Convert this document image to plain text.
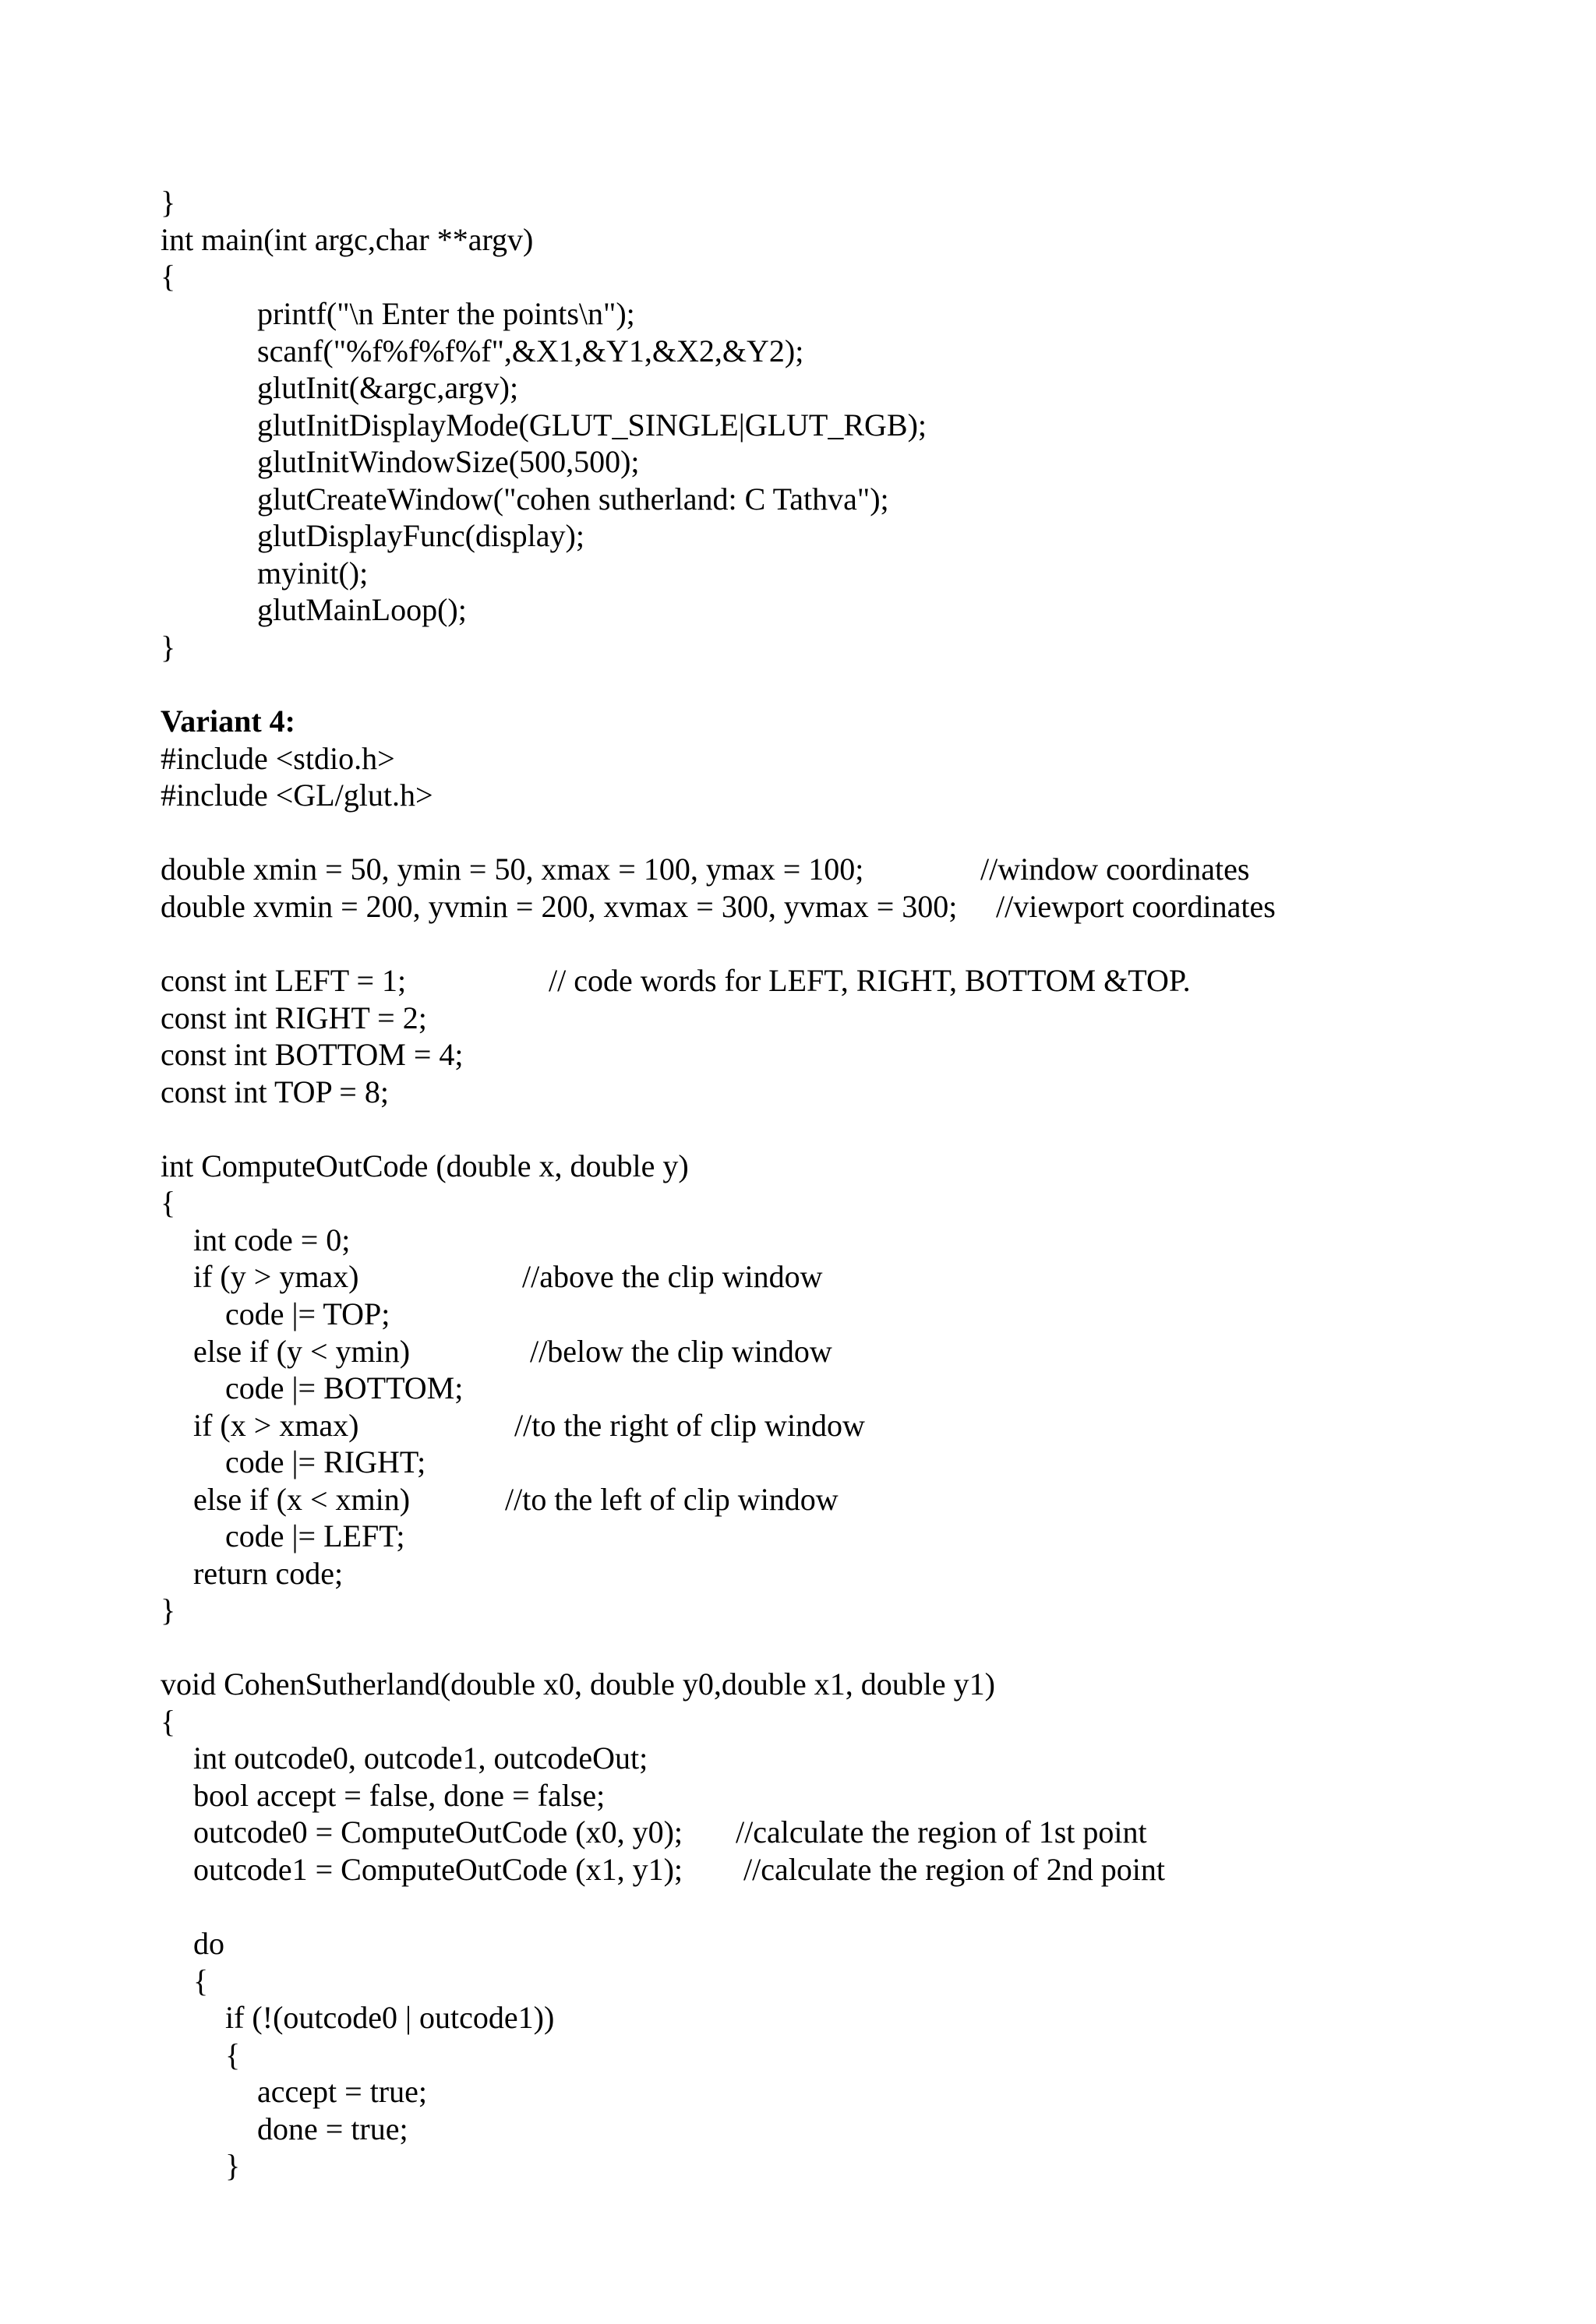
}
int main(int argc,char **argv)
{
printf("\n Enter the points\n");
scanf("%f%f%f%f",&X1,&Y1,&X2,&Y2);
glutInit(&argc,argv);
glutInitDisplayMode(GLUT_SINGLE|GLUT_RGB);
glutInitWindowSize(500,500);
glutCreateWindow("cohen sutherland: C Tathva");
glutDisplayFunc(display);
myinit();
glutMainLoop();
}
Variant 4:
#include <stdio.h>
#include <GL/glut.h>
double xmin = 50, ymin = 50, xmax = 100, ymax = 100;	//window coordinates
double xvmin = 200, yvmin = 200, xvmax = 300, yvmax = 300; //viewport coordinates
const int LEFT = 1;	// code words for LEFT, RIGHT, BOTTOM &TOP.
const int RIGHT = 2;
const int BOTTOM = 4;
const int TOP = 8;
int ComputeOutCode (double x, double y)
{
int code = 0;
if (y > ymax)	//above the clip window
code |= TOP;
else if (y < ymin)	//below the clip window
code |= BOTTOM;
if (x > xmax)	//to the right of clip window
code |= RIGHT;
else if (x < xmin)	//to the left of clip window
code |= LEFT;
return code;
}
void CohenSutherland(double x0, double y0,double x1, double y1)
{
int outcode0, outcode1, outcodeOut;
bool accept = false, done = false;
outcode0 = ComputeOutCode (x0, y0); //calculate the region of 1st point
outcode1 = ComputeOutCode (x1, y1); //calculate the region of 2nd point
do
{
if (!(outcode0 | outcode1))
{
accept = true;
done = true;
}
